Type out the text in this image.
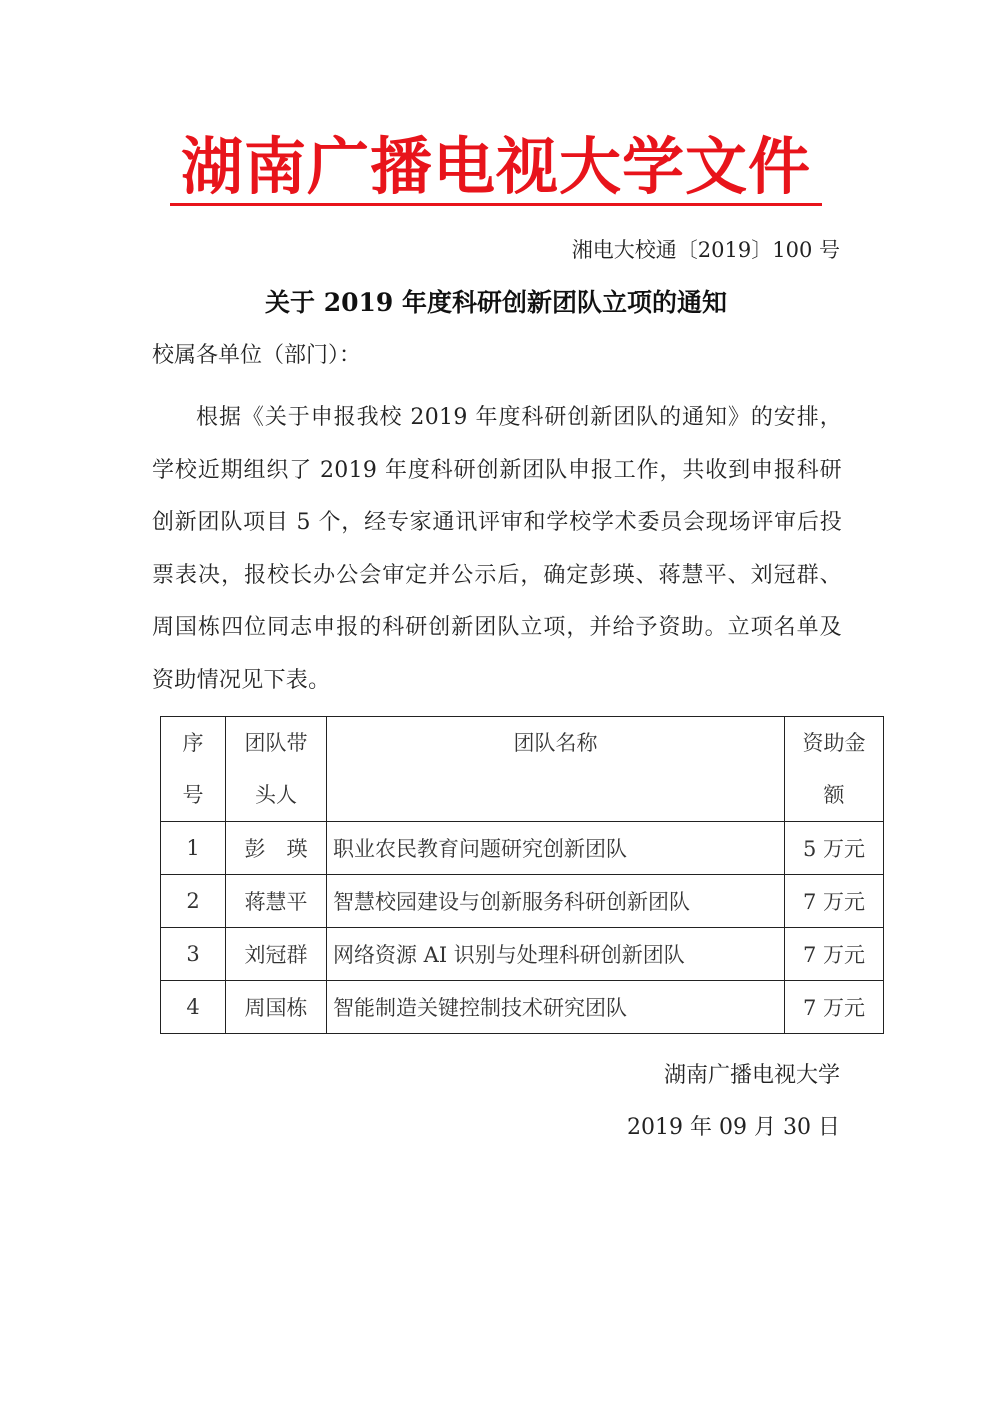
湖南广播电视大学文件
湘电大校通〔2019〕100 号
关于 2019 年度科研创新团队立项的通知
校属各单位（部门）：
根据《关于申报我校 2019 年度科研创新团队的通知》的安排，学校近期组织了 2019 年度科研创新团队申报工作，共收到申报科研创新团队项目 5 个，经专家通讯评审和学校学术委员会现场评审后投票表决，报校长办公会审定并公示后，确定彭瑛、蒋慧平、刘冠群、周国栋四位同志申报的科研创新团队立项，并给予资助。立项名单及资助情况见下表。
序号	团队带头人	团队名称	资助金额

1	彭　瑛	职业农民教育问题研究创新团队	5 万元
2	蒋慧平	智慧校园建设与创新服务科研创新团队	7 万元
3	刘冠群	网络资源 AI 识别与处理科研创新团队	7 万元
4	周国栋	智能制造关键控制技术研究团队	7 万元
湖南广播电视大学
2019 年 09 月 30 日
